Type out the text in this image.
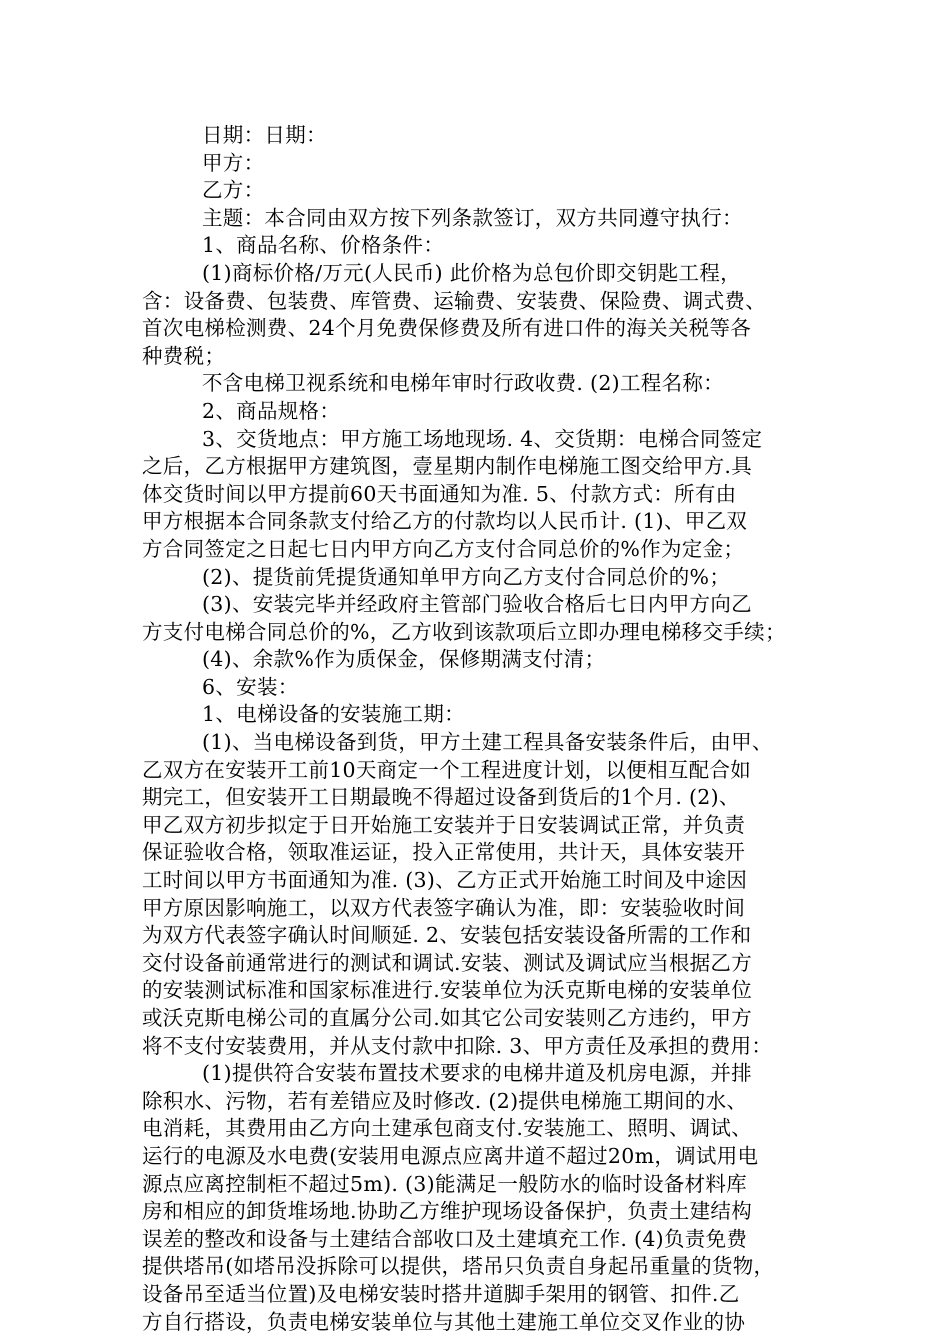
日期：日期：
甲方：
乙方：
主题：本合同由双方按下列条款签订，双方共同遵守执行：
1、商品名称、价格条件：
(1)商标价格/万元(人民币) 此价格为总包价即交钥匙工程，
含：设备费、包装费、库管费、运输费、安装费、保险费、调式费、
首次电梯检测费、24个月免费保修费及所有进口件的海关关税等各
种费税；
不含电梯卫视系统和电梯年审时行政收费. (2)工程名称：
2、商品规格：
3、交货地点：甲方施工场地现场. 4、交货期：电梯合同签定
之后，乙方根据甲方建筑图，壹星期内制作电梯施工图交给甲方.具
体交货时间以甲方提前60天书面通知为准. 5、付款方式：所有由
甲方根据本合同条款支付给乙方的付款均以人民币计. (1)、甲乙双
方合同签定之日起七日内甲方向乙方支付合同总价的%作为定金；
(2)、提货前凭提货通知单甲方向乙方支付合同总价的%；
(3)、安装完毕并经政府主管部门验收合格后七日内甲方向乙
方支付电梯合同总价的%，乙方收到该款项后立即办理电梯移交手续；
(4)、余款%作为质保金，保修期满支付清；
6、安装：
1、电梯设备的安装施工期：
(1)、当电梯设备到货，甲方土建工程具备安装条件后，由甲、
乙双方在安装开工前10天商定一个工程进度计划，以便相互配合如
期完工，但安装开工日期最晚不得超过设备到货后的1个月. (2)、
甲乙双方初步拟定于日开始施工安装并于日安装调试正常，并负责
保证验收合格，领取准运证，投入正常使用，共计天，具体安装开
工时间以甲方书面通知为准. (3)、乙方正式开始施工时间及中途因
甲方原因影响施工，以双方代表签字确认为准，即：安装验收时间
为双方代表签字确认时间顺延. 2、安装包括安装设备所需的工作和
交付设备前通常进行的测试和调试.安装、测试及调试应当根据乙方
的安装测试标准和国家标准进行.安装单位为沃克斯电梯的安装单位
或沃克斯电梯公司的直属分公司.如其它公司安装则乙方违约，甲方
将不支付安装费用，并从支付款中扣除. 3、甲方责任及承担的费用：
(1)提供符合安装布置技术要求的电梯井道及机房电源，并排
除积水、污物，若有差错应及时修改. (2)提供电梯施工期间的水、
电消耗，其费用由乙方向土建承包商支付.安装施工、照明、调试、
运行的电源及水电费(安装用电源点应离井道不超过20m，调试用电
源点应离控制柜不超过5m). (3)能满足一般防水的临时设备材料库
房和相应的卸货堆场地.协助乙方维护现场设备保护，负责土建结构
误差的整改和设备与土建结合部收口及土建填充工作. (4)负责免费
提供塔吊(如塔吊没拆除可以提供，塔吊只负责自身起吊重量的货物，
设备吊至适当位置)及电梯安装时搭井道脚手架用的钢管、扣件.乙
方自行搭设，负责电梯安装单位与其他土建施工单位交叉作业的协
